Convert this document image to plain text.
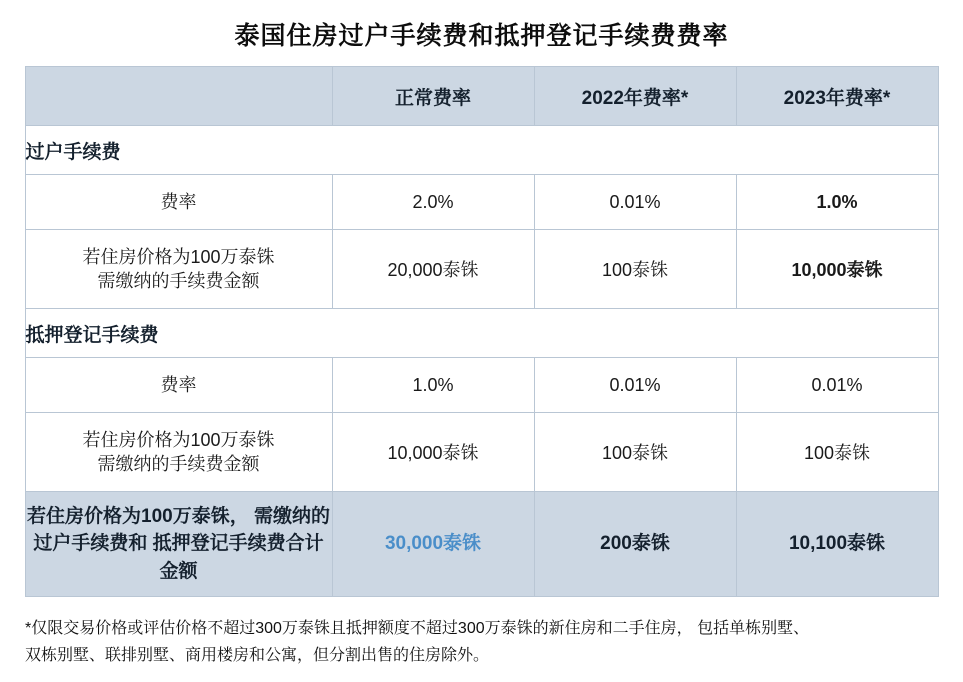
泰国住房过户手续费和抵押登记手续费费率
	正常费率	2022年费率*	2023年费率*
过户手续费			
费率	2.0%	0.01%	1.0%

若住房价格为100万泰铢
需缴纳的手续费金额	20,000泰铢	100泰铢	10,000泰铢
抵押登记手续费			
费率	1.0%	0.01%	0.01%

若住房价格为100万泰铢
需缴纳的手续费金额	10,000泰铢	100泰铢	100泰铢
若住房价格为100万泰铢， 需缴纳的过户手续费和 抵押登记手续费合计金额	30,000泰铢	200泰铢	10,100泰铢
*仅限交易价格或评估价格不超过300万泰铢且抵押额度不超过300万泰铢的新住房和二手住房， 包括单栋别墅、
双栋别墅、联排别墅、商用楼房和公寓，但分割出售的住房除外。
